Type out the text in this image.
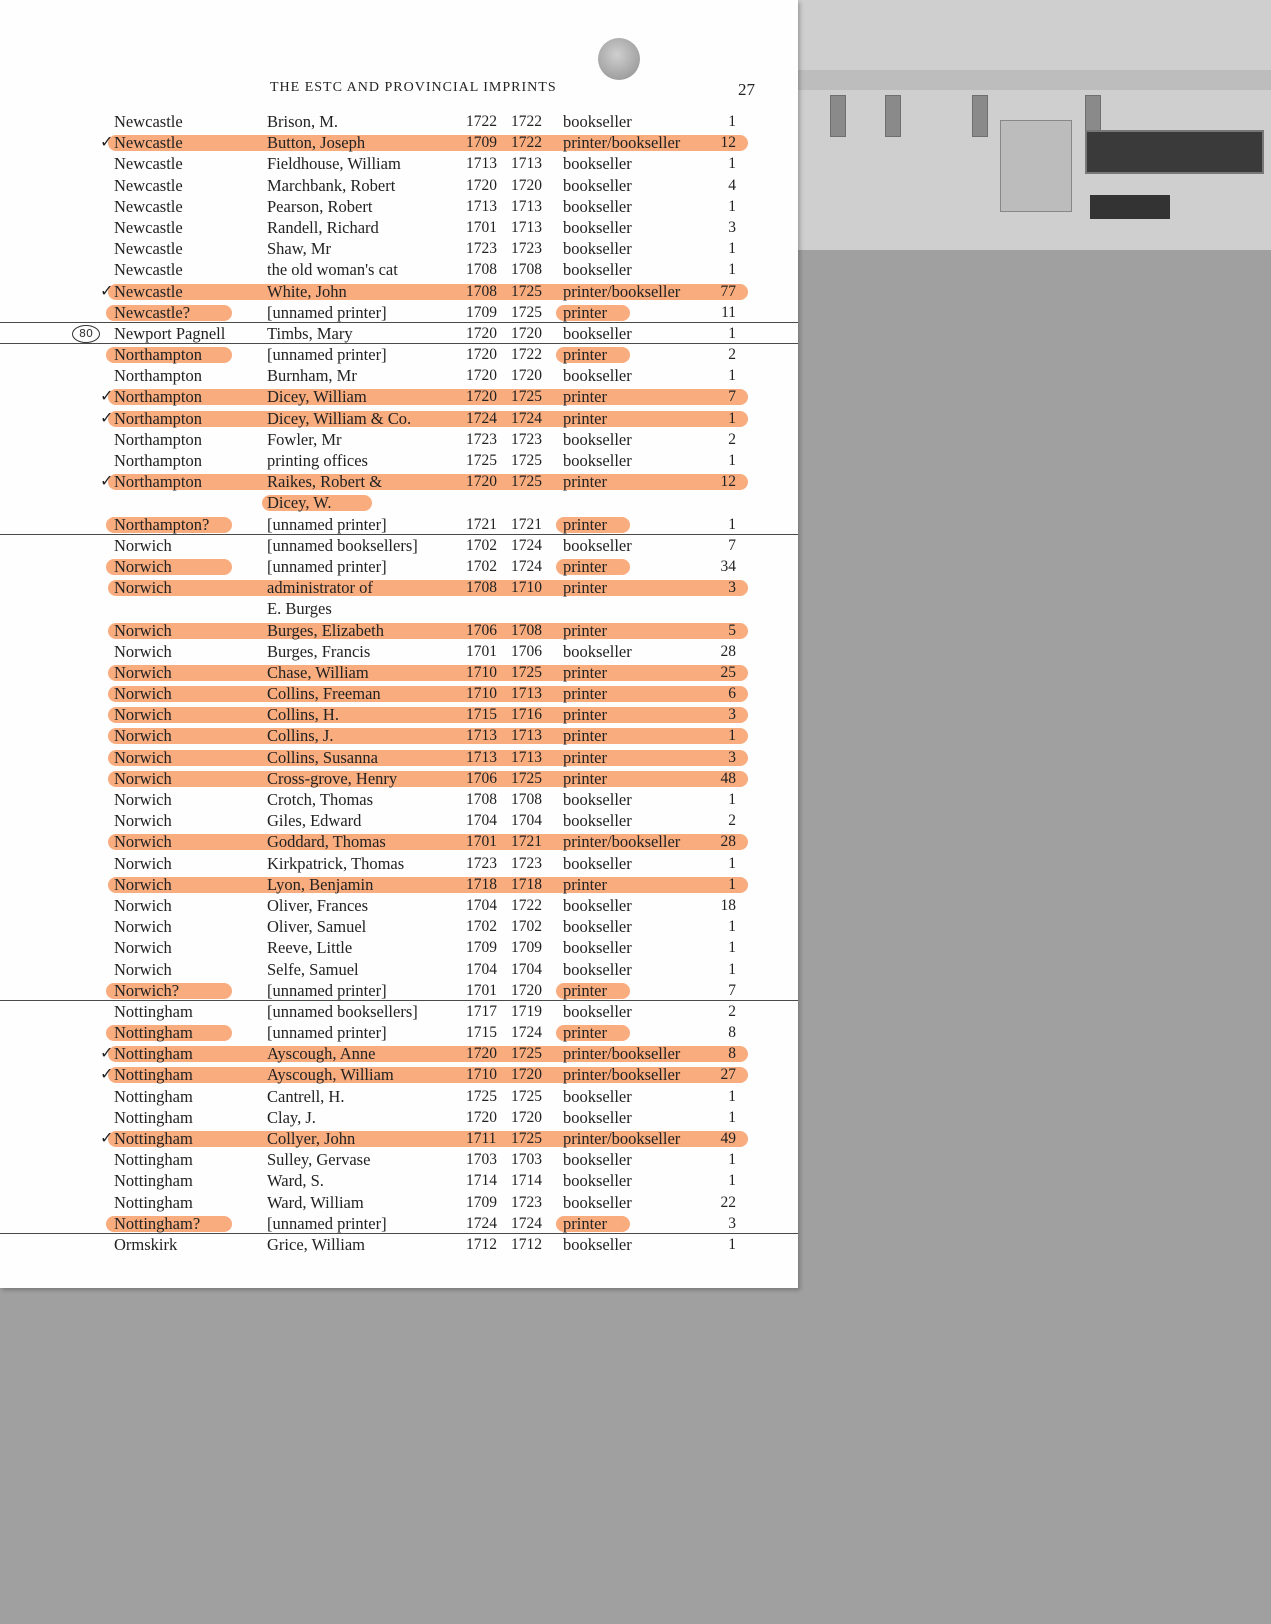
THE ESTC AND PROVINCIAL IMPRINTS	27
Newcastle	Brison, M.	1722 1722 bookseller	1
✓ Newcastle	Button, Joseph	1709 1722 printer/bookseller	12
Newcastle	Fieldhouse, William	1713 1713 bookseller	1
Newcastle	Marchbank, Robert	1720 1720 bookseller	4
Newcastle	Pearson, Robert	1713 1713 bookseller	1
Newcastle	Randell, Richard	1701 1713 bookseller	3
Newcastle	Shaw, Mr	1723 1723 bookseller	1
Newcastle	the old woman's cat	1708 1708 bookseller	1
✓ Newcastle	White, John	1708 1725 printer/bookseller	77
Newcastle?	[unnamed printer]	1709 1725 printer	11
80	Newport Pagnell	Timbs, Mary	1720 1720 bookseller	1
Northampton	[unnamed printer]	1720 1722 printer	2
Northampton	Burnham, Mr	1720 1720 bookseller	1
✓ Northampton	Dicey, William	1720 1725 printer	7
✓ Northampton	Dicey, William & Co.	1724 1724 printer	1
Northampton	Fowler, Mr	1723 1723 bookseller	2
Northampton	printing offices	1725 1725 bookseller	1
✓ Northampton	Raikes, Robert &	1720 1725 printer	12
Dicey, W.
Northampton?	[unnamed printer]	1721 1721 printer	1
Norwich	[unnamed booksellers]	1702 1724 bookseller	7
Norwich	[unnamed printer]	1702 1724 printer	34
Norwich	administrator of	1708 1710 printer	3
E. Burges
Norwich	Burges, Elizabeth	1706 1708 printer	5
Norwich	Burges, Francis	1701 1706 bookseller	28
Norwich	Chase, William	1710 1725 printer	25
Norwich	Collins, Freeman	1710 1713 printer	6
Norwich	Collins, H.	1715 1716 printer	3
Norwich	Collins, J.	1713 1713 printer	1
Norwich	Collins, Susanna	1713 1713 printer	3
Norwich	Cross-grove, Henry	1706 1725 printer	48
Norwich	Crotch, Thomas	1708 1708 bookseller	1
Norwich	Giles, Edward	1704 1704 bookseller	2
Norwich	Goddard, Thomas	1701 1721 printer/bookseller	28
Norwich	Kirkpatrick, Thomas	1723 1723 bookseller	1
Norwich	Lyon, Benjamin	1718 1718 printer	1
Norwich	Oliver, Frances	1704 1722 bookseller	18
Norwich	Oliver, Samuel	1702 1702 bookseller	1
Norwich	Reeve, Little	1709 1709 bookseller	1
Norwich	Selfe, Samuel	1704 1704 bookseller	1
Norwich?	[unnamed printer]	1701 1720 printer	7
Nottingham	[unnamed booksellers]	1717 1719 bookseller	2
Nottingham	[unnamed printer]	1715 1724 printer	8
✓ Nottingham	Ayscough, Anne	1720 1725 printer/bookseller	8
✓ Nottingham	Ayscough, William	1710 1720 printer/bookseller	27
Nottingham	Cantrell, H.	1725 1725 bookseller	1
Nottingham	Clay, J.	1720 1720 bookseller	1
✓ Nottingham	Collyer, John	1711 1725 printer/bookseller	49
Nottingham	Sulley, Gervase	1703 1703 bookseller	1
Nottingham	Ward, S.	1714 1714 bookseller	1
Nottingham	Ward, William	1709 1723 bookseller	22
Nottingham?	[unnamed printer]	1724 1724 printer	3
Ormskirk	Grice, William	1712 1712 bookseller	1
